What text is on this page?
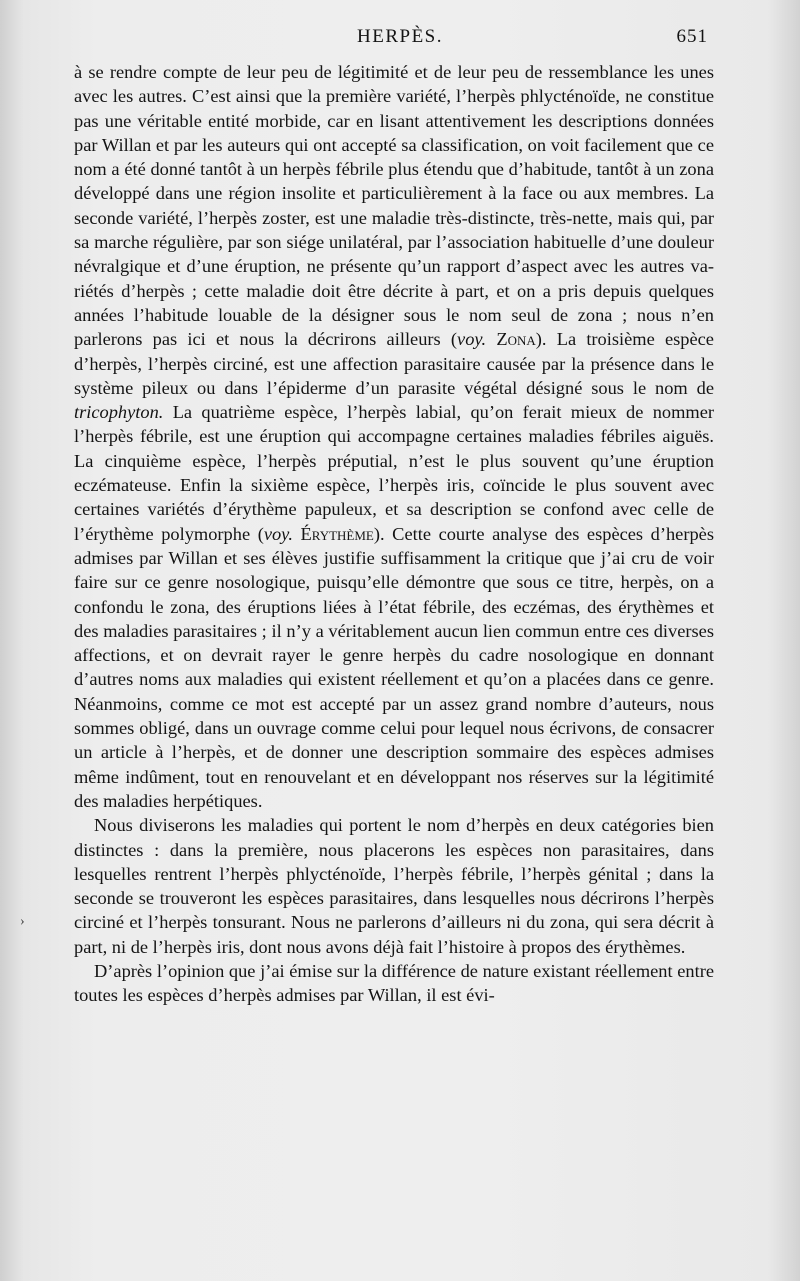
HERPÈS.	651
›

à se rendre compte de leur peu de légitimité et de leur peu de ressemblance les unes avec les autres. C’est ainsi que la première variété, l’herpès phlycténoïde, ne constitue pas une véritable entité morbide, car en lisant attentivement les descriptions données par Willan et par les auteurs qui ont accepté sa classification, on voit facilement que ce nom a été donné tantôt à un herpès fébrile plus étendu que d’habitude, tantôt à un zona développé dans une région insolite et particulièrement à la face ou aux membres. La seconde variété, l’herpès zoster, est une maladie très-distincte, très-nette, mais qui, par sa marche régulière, par son siége unilatéral, par l’association habituelle d’une douleur névralgique et d’une éruption, ne présente qu’un rapport d’aspect avec les autres variétés d’herpès ; cette maladie doit être décrite à part, et on a pris depuis quelques années l’habitude louable de la désigner sous le nom seul de zona ; nous n’en parlerons pas ici et nous la décrirons ailleurs (voy. Zona). La troisième espèce d’herpès, l’herpès circiné, est une affection parasitaire causée par la présence dans le système pileux ou dans l’épiderme d’un parasite végétal désigné sous le nom de tricophyton. La quatrième espèce, l’herpès labial, qu’on ferait mieux de nommer l’herpès fébrile, est une éruption qui accompagne certaines maladies fébriles aiguës. La cinquième espèce, l’herpès préputial, n’est le plus souvent qu’une éruption eczémateuse. Enfin la sixième espèce, l’herpès iris, coïncide le plus souvent avec certaines variétés d’érythème papuleux, et sa description se confond avec celle de l’érythème polymorphe (voy. Érythème). Cette courte analyse des espèces d’herpès admises par Willan et ses élèves justifie suffisamment la critique que j’ai cru de voir faire sur ce genre nosologique, puisqu’elle démontre que sous ce titre, herpès, on a confondu le zona, des éruptions liées à l’état fébrile, des eczémas, des érythèmes et des maladies parasitaires ; il n’y a véritablement aucun lien commun entre ces diverses affections, et on devrait rayer le genre herpès du cadre nosologique en donnant d’autres noms aux maladies qui existent réellement et qu’on a placées dans ce genre. Néanmoins, comme ce mot est accepté par un assez grand nombre d’auteurs, nous sommes obligé, dans un ouvrage comme celui pour lequel nous écrivons, de consacrer un article à l’herpès, et de donner une description sommaire des espèces admises même indûment, tout en renouvelant et en développant nos réserves sur la légitimité des maladies herpétiques.

Nous diviserons les maladies qui portent le nom d’herpès en deux catégories bien distinctes : dans la première, nous placerons les espèces non parasitaires, dans lesquelles rentrent l’herpès phlycténoïde, l’herpès fébrile, l’herpès génital ; dans la seconde se trouveront les espèces parasitaires, dans lesquelles nous décrirons l’herpès circiné et l’herpès tonsurant. Nous ne parlerons d’ailleurs ni du zona, qui sera décrit à part, ni de l’herpès iris, dont nous avons déjà fait l’histoire à propos des érythèmes.

D’après l’opinion que j’ai émise sur la différence de nature existant réellement entre toutes les espèces d’herpès admises par Willan, il est évi-
